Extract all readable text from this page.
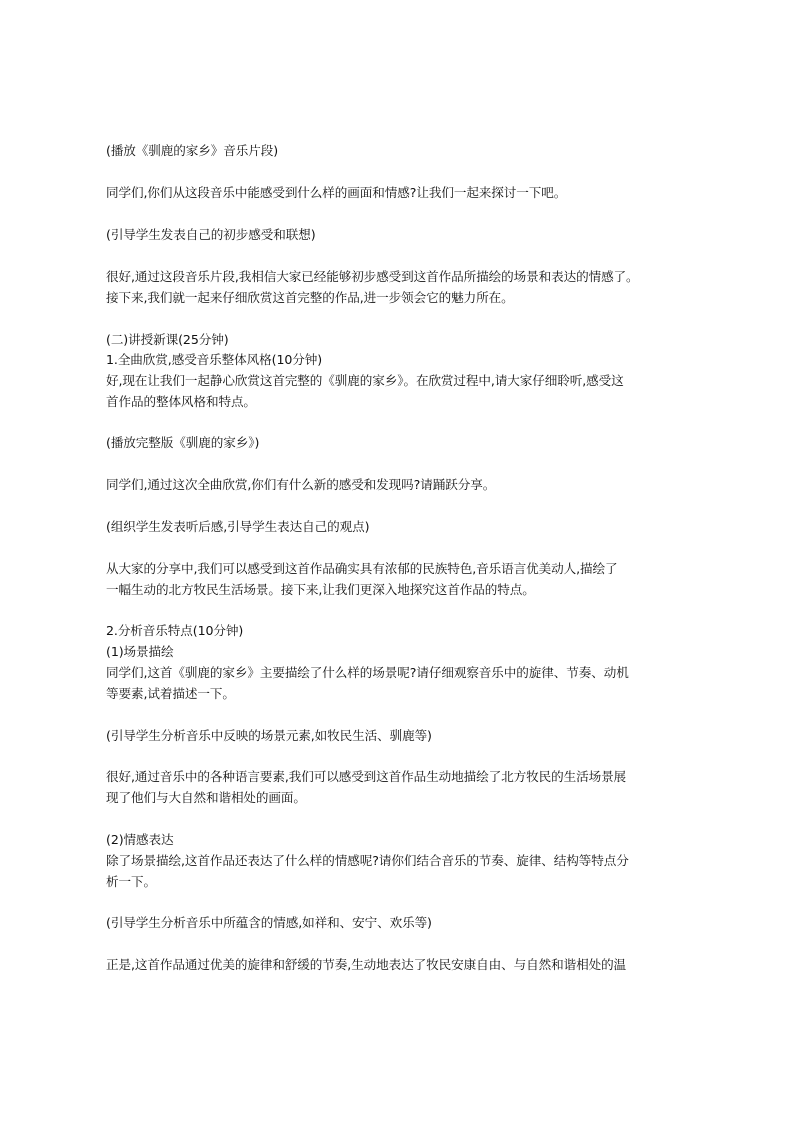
(播放《驯鹿的家乡》音乐片段)
同学们,你们从这段音乐中能感受到什么样的画面和情感?让我们一起来探讨一下吧。
(引导学生发表自己的初步感受和联想)
很好,通过这段音乐片段,我相信大家已经能够初步感受到这首作品所描绘的场景和表达的情感了。
接下来,我们就一起来仔细欣赏这首完整的作品,进一步领会它的魅力所在。
(二)讲授新课(25分钟)
1.全曲欣赏,感受音乐整体风格(10分钟)
好,现在让我们一起静心欣赏这首完整的《驯鹿的家乡》。在欣赏过程中,请大家仔细聆听,感受这
首作品的整体风格和特点。
(播放完整版《驯鹿的家乡》)
同学们,通过这次全曲欣赏,你们有什么新的感受和发现吗?请踊跃分享。
(组织学生发表听后感,引导学生表达自己的观点)
从大家的分享中,我们可以感受到这首作品确实具有浓郁的民族特色,音乐语言优美动人,描绘了
一幅生动的北方牧民生活场景。接下来,让我们更深入地探究这首作品的特点。
2.分析音乐特点(10分钟)
(1)场景描绘
同学们,这首《驯鹿的家乡》主要描绘了什么样的场景呢?请仔细观察音乐中的旋律、节奏、动机
等要素,试着描述一下。
(引导学生分析音乐中反映的场景元素,如牧民生活、驯鹿等)
很好,通过音乐中的各种语言要素,我们可以感受到这首作品生动地描绘了北方牧民的生活场景展
现了他们与大自然和谐相处的画面。
(2)情感表达
除了场景描绘,这首作品还表达了什么样的情感呢?请你们结合音乐的节奏、旋律、结构等特点分
析一下。
(引导学生分析音乐中所蕴含的情感,如祥和、安宁、欢乐等)
正是,这首作品通过优美的旋律和舒缓的节奏,生动地表达了牧民安康自由、与自然和谐相处的温
